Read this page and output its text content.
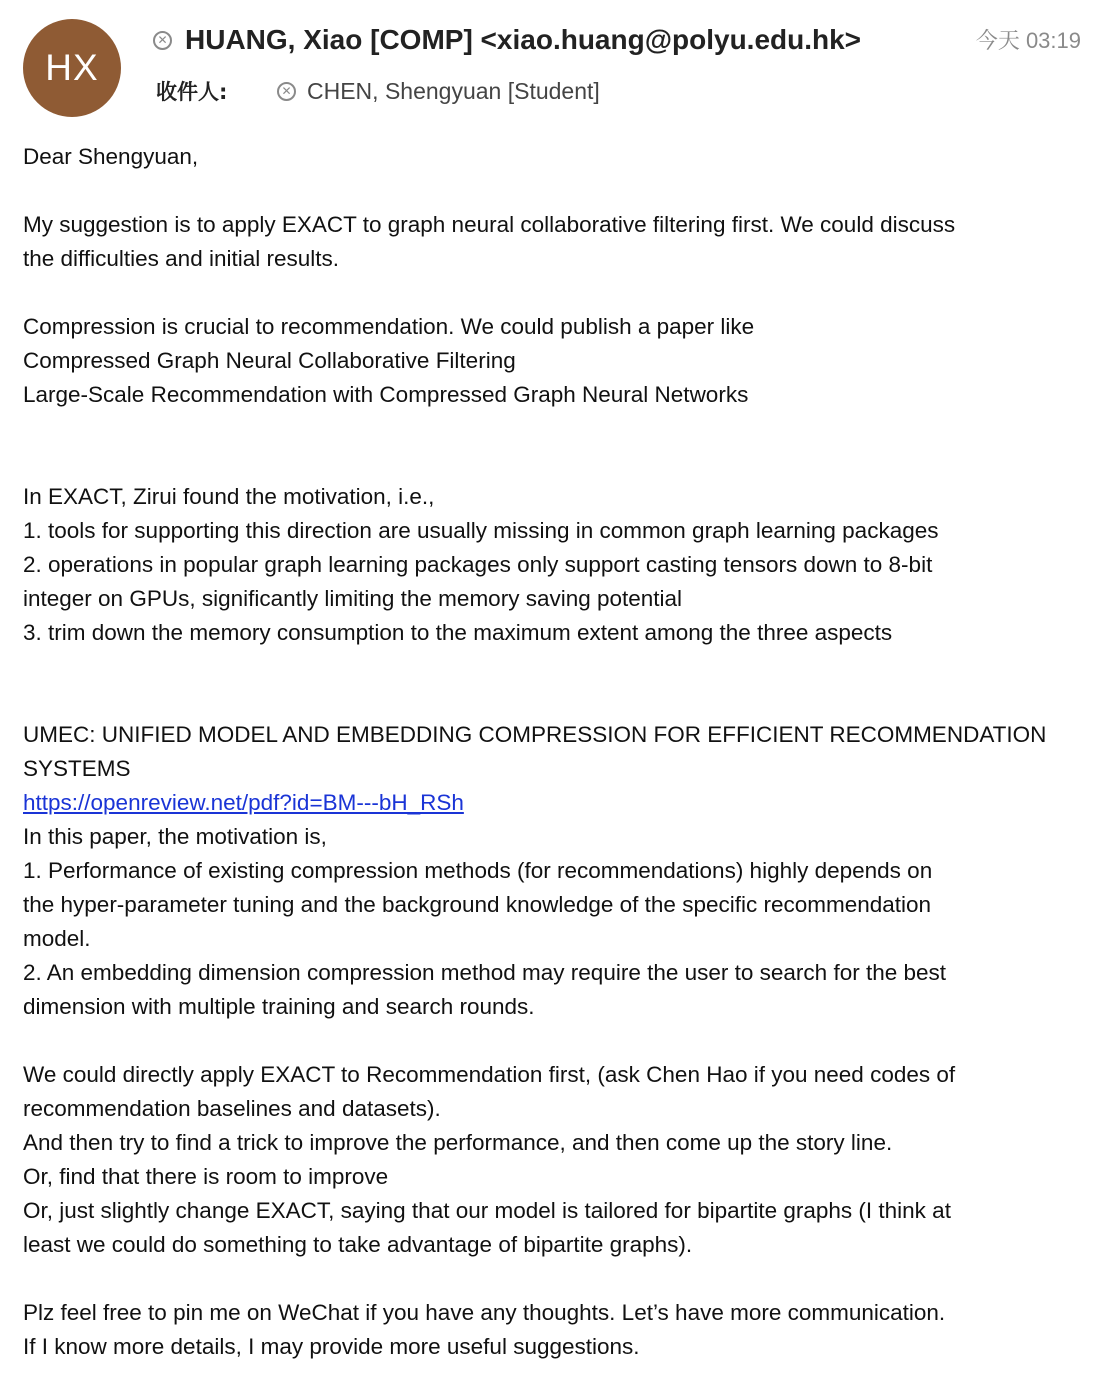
HX
✕ HUANG, Xiao [COMP] <xiao.huang@polyu.edu.hk>	今天 03:19
收件人:	✕ CHEN, Shengyuan [Student]
Dear Shengyuan,
My suggestion is to apply EXACT to graph neural collaborative filtering first. We could discuss
the difficulties and initial results.
Compression is crucial to recommendation. We could publish a paper like
Compressed Graph Neural Collaborative Filtering
Large-Scale Recommendation with Compressed Graph Neural Networks
In EXACT, Zirui found the motivation, i.e.,
1. tools for supporting this direction are usually missing in common graph learning packages
2. operations in popular graph learning packages only support casting tensors down to 8-bit
integer on GPUs, significantly limiting the memory saving potential
3. trim down the memory consumption to the maximum extent among the three aspects
UMEC: UNIFIED MODEL AND EMBEDDING COMPRESSION FOR EFFICIENT RECOMMENDATION
SYSTEMS
https://openreview.net/pdf?id=BM---bH_RSh
In this paper, the motivation is,
1. Performance of existing compression methods (for recommendations) highly depends on
the hyper-parameter tuning and the background knowledge of the specific recommendation
model.
2. An embedding dimension compression method may require the user to search for the best
dimension with multiple training and search rounds.
We could directly apply EXACT to Recommendation first, (ask Chen Hao if you need codes of
recommendation baselines and datasets).
And then try to find a trick to improve the performance, and then come up the story line.
Or, find that there is room to improve
Or, just slightly change EXACT, saying that our model is tailored for bipartite graphs (I think at
least we could do something to take advantage of bipartite graphs).
Plz feel free to pin me on WeChat if you have any thoughts. Let’s have more communication.
If I know more details, I may provide more useful suggestions.
